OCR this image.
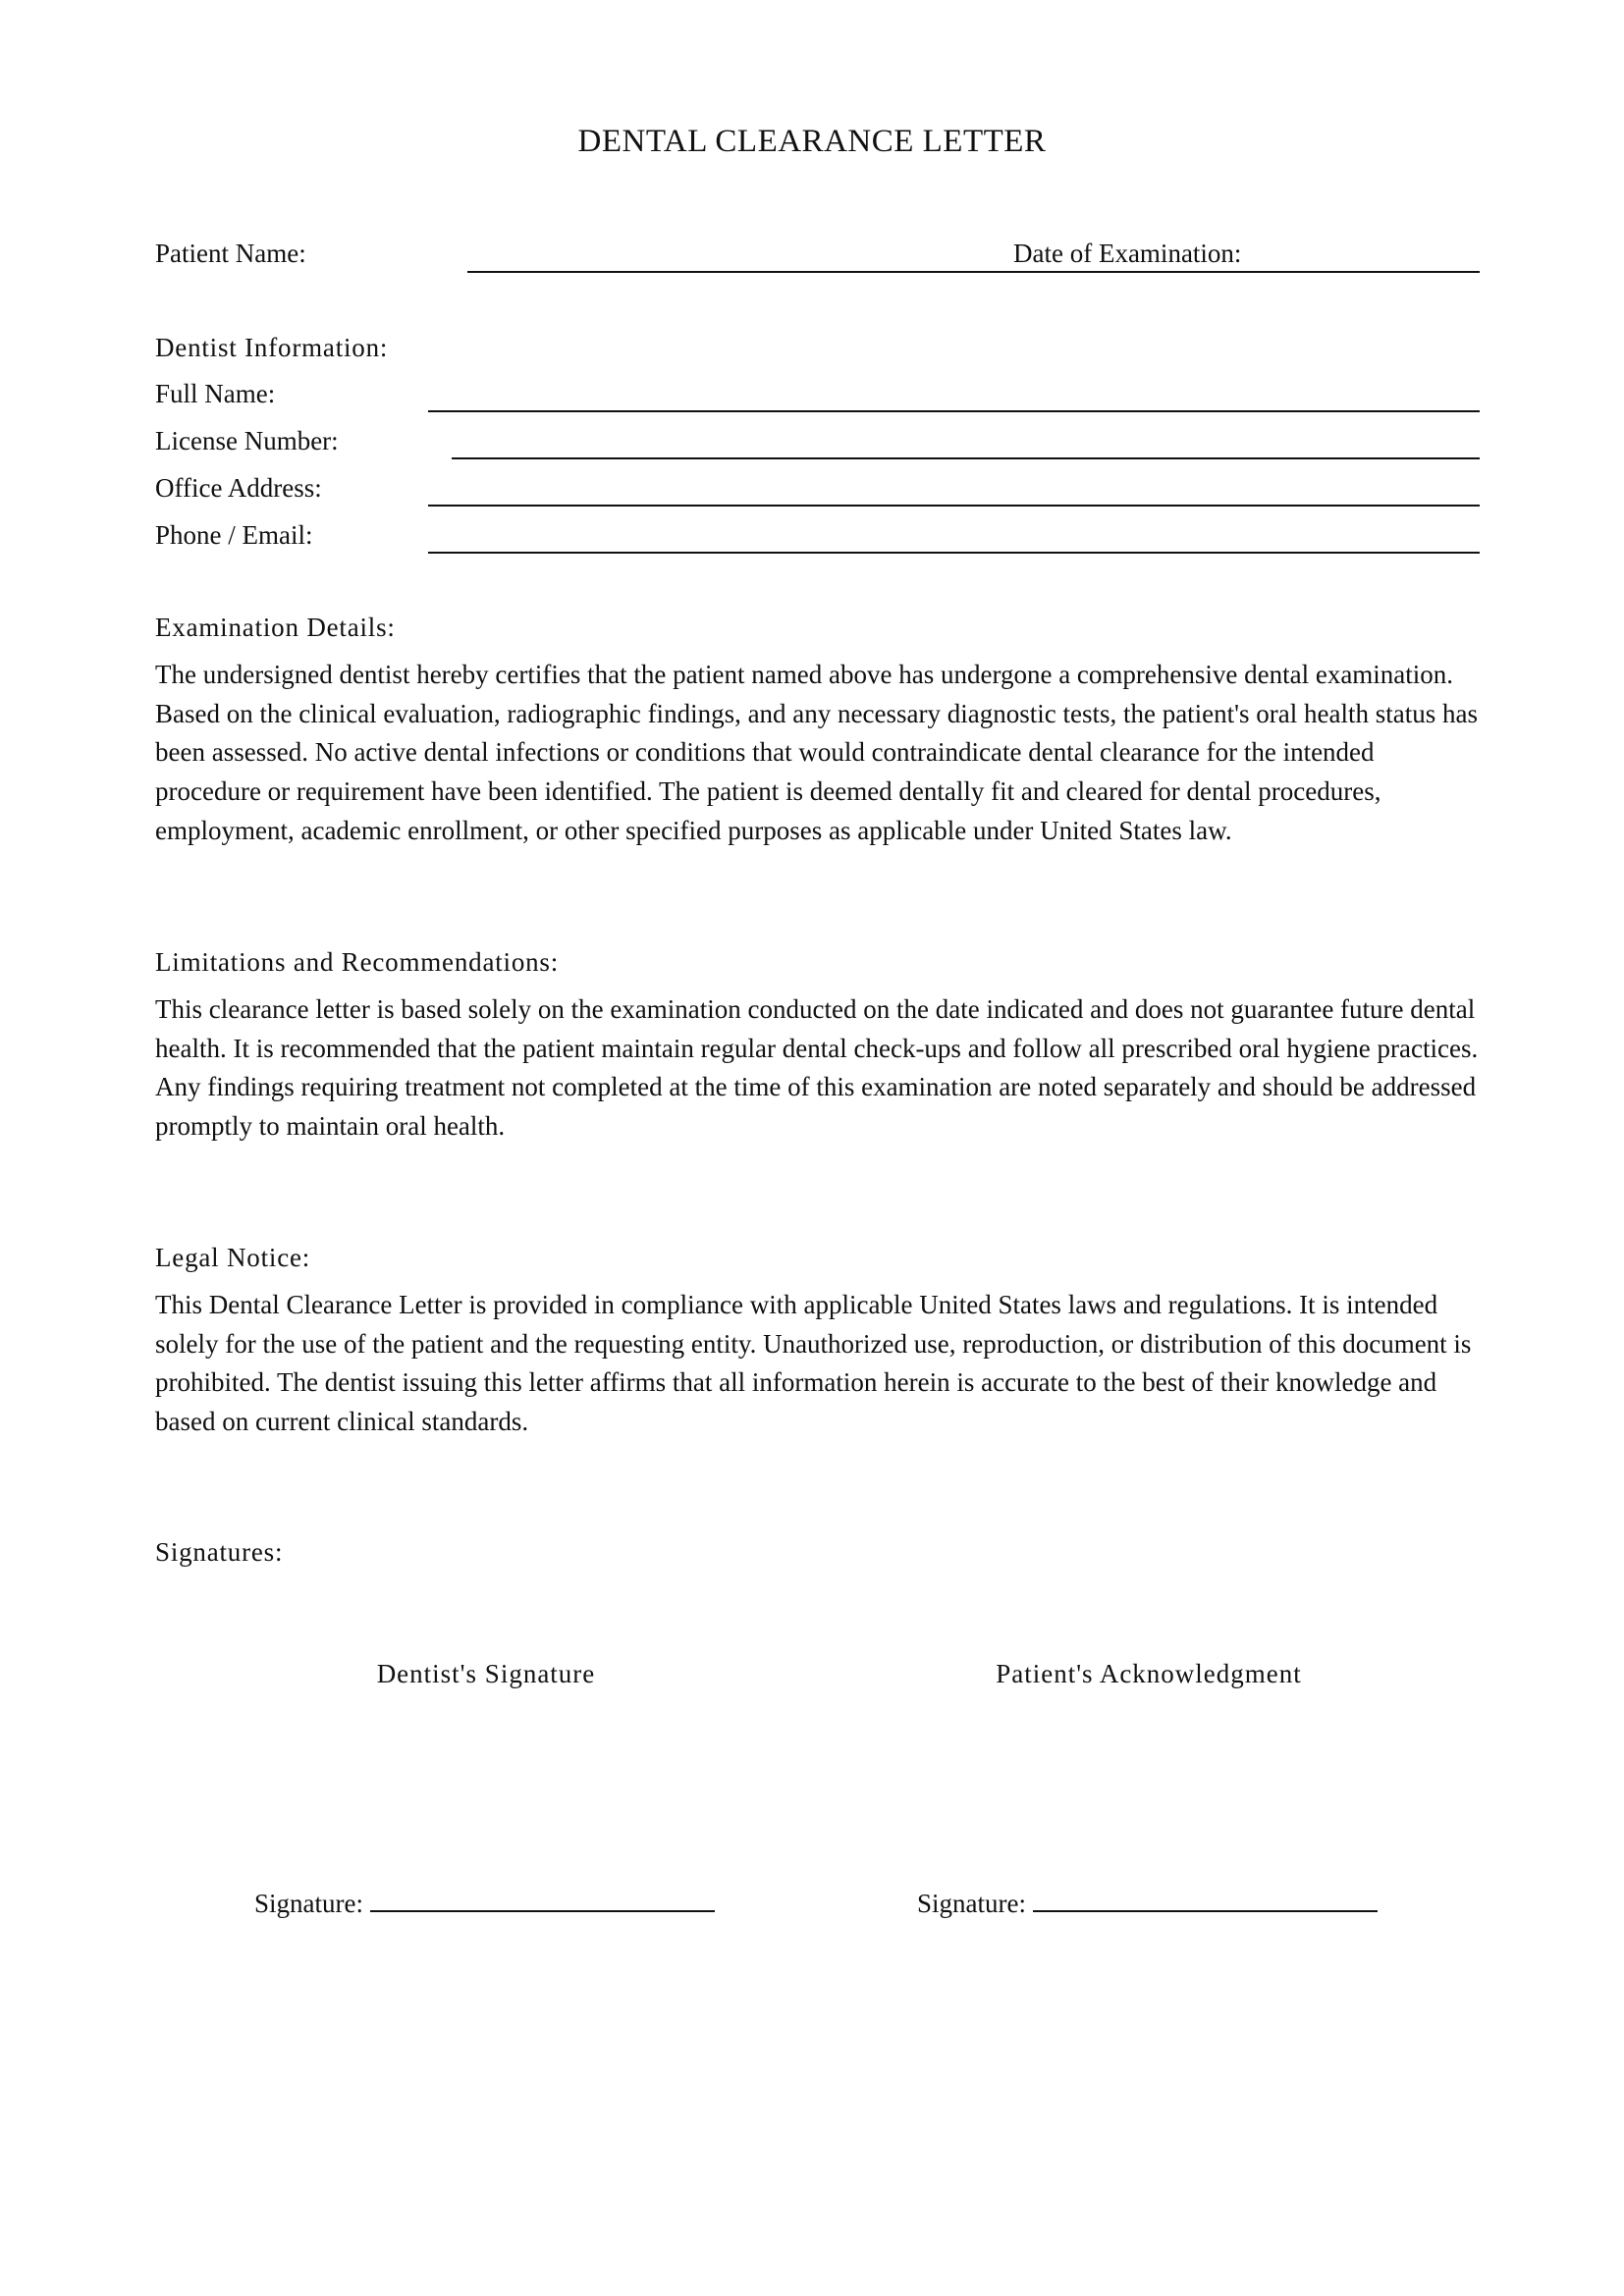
DENTAL CLEARANCE LETTER
Patient Name:	Date of Examination:
Dentist Information:
Full Name:
License Number:
Office Address:
Phone / Email:
Examination Details:
The undersigned dentist hereby certifies that the patient named above has undergone a comprehensive dental examination. Based on the clinical evaluation, radiographic findings, and any necessary diagnostic tests, the patient's oral health status has been assessed. No active dental infections or conditions that would contraindicate dental clearance for the intended procedure or requirement have been identified. The patient is deemed dentally fit and cleared for dental procedures, employment, academic enrollment, or other specified purposes as applicable under United States law.
Limitations and Recommendations:
This clearance letter is based solely on the examination conducted on the date indicated and does not guarantee future dental health. It is recommended that the patient maintain regular dental check-ups and follow all prescribed oral hygiene practices. Any findings requiring treatment not completed at the time of this examination are noted separately and should be addressed promptly to maintain oral health.
Legal Notice:
This Dental Clearance Letter is provided in compliance with applicable United States laws and regulations. It is intended solely for the use of the patient and the requesting entity. Unauthorized use, reproduction, or distribution of this document is prohibited. The dentist issuing this letter affirms that all information herein is accurate to the best of their knowledge and based on current clinical standards.
Signatures:
Dentist's Signature	Patient's Acknowledgment
Signature:	Signature:
